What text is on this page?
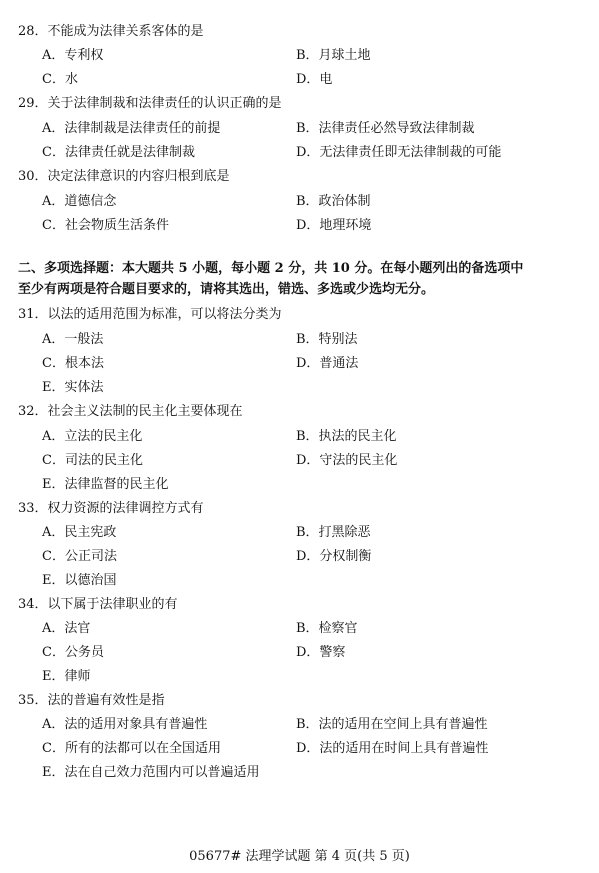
28．不能成为法律关系客体的是
A．专利权	B．月球土地
C．水	D．电
29．关于法律制裁和法律责任的认识正确的是
A．法律制裁是法律责任的前提	B．法律责任必然导致法律制裁
C．法律责任就是法律制裁	D．无法律责任即无法律制裁的可能
30．决定法律意识的内容归根到底是
A．道德信念	B．政治体制
C．社会物质生活条件	D．地理环境
二、多项选择题：本大题共 5 小题，每小题 2 分，共 10 分。在每小题列出的备选项中
至少有两项是符合题目要求的，请将其选出，错选、多选或少选均无分。
31．以法的适用范围为标准，可以将法分类为
A．一般法	B．特别法
C．根本法	D．普通法
E．实体法
32．社会主义法制的民主化主要体现在
A．立法的民主化	B．执法的民主化
C．司法的民主化	D．守法的民主化
E．法律监督的民主化
33．权力资源的法律调控方式有
A．民主宪政	B．打黑除恶
C．公正司法	D．分权制衡
E．以德治国
34．以下属于法律职业的有
A．法官	B．检察官
C．公务员	D．警察
E．律师
35．法的普遍有效性是指
A．法的适用对象具有普遍性	B．法的适用在空间上具有普遍性
C．所有的法都可以在全国适用	D．法的适用在时间上具有普遍性
E．法在自己效力范围内可以普遍适用
05677# 法理学试题 第 4 页(共 5 页)
